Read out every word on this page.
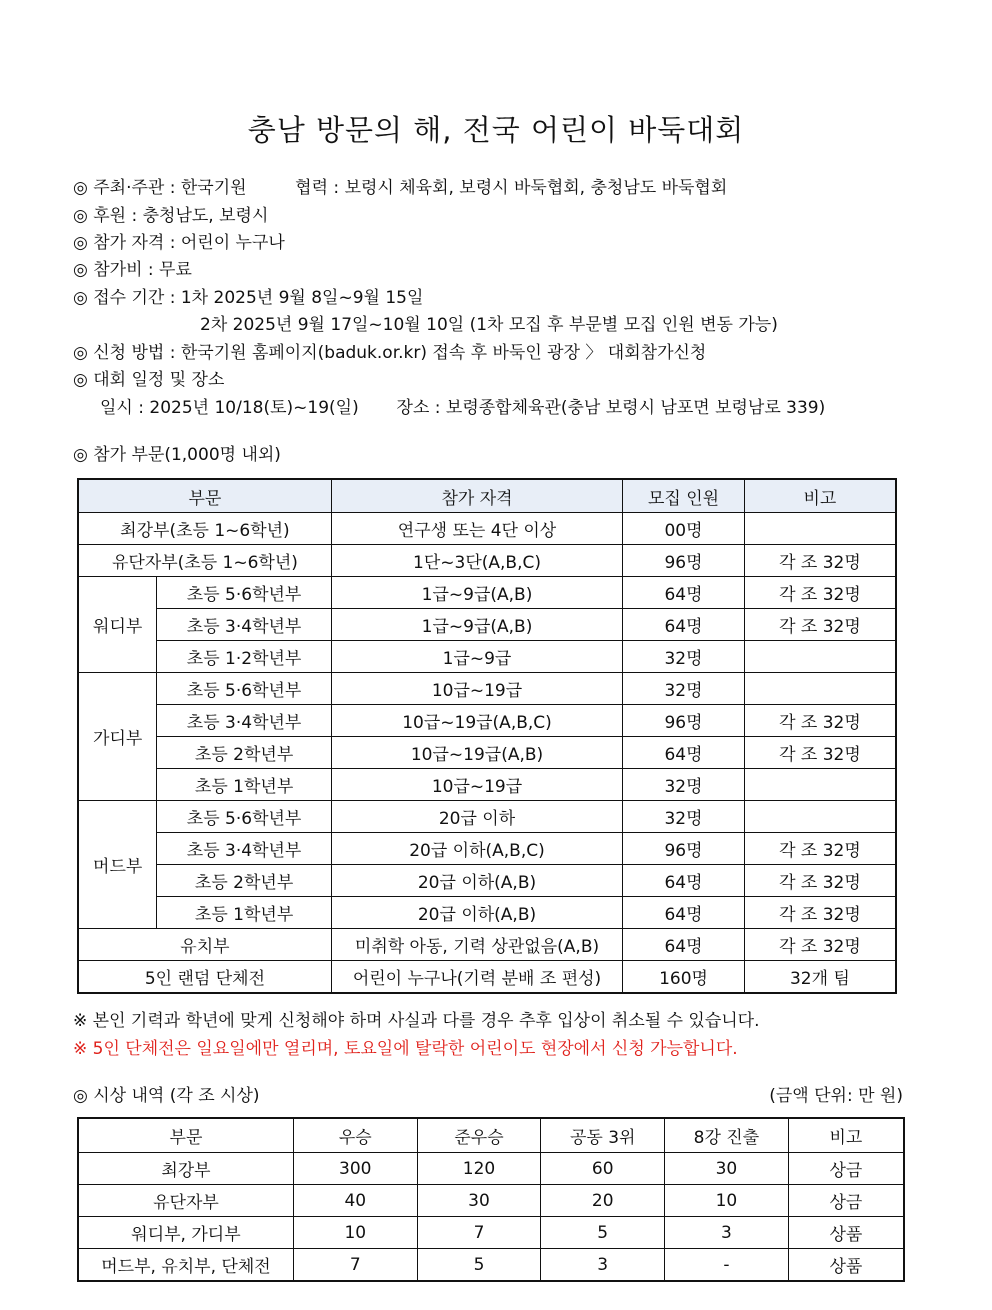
충남 방문의 해, 전국 어린이 바둑대회
◎ 주최·주관 : 한국기원         협력 : 보령시 체육회, 보령시 바둑협회, 충청남도 바둑협회
◎ 후원 : 충청남도, 보령시
◎ 참가 자격 : 어린이 누구나
◎ 참가비 : 무료
◎ 접수 기간 : 1차 2025년 9월 8일~9월 15일
2차 2025년 9월 17일~10월 10일 (1차 모집 후 부문별 모집 인원 변동 가능)
◎ 신청 방법 : 한국기원 홈페이지(baduk.or.kr) 접속 후 바둑인 광장 〉 대회참가신청
◎ 대회 일정 및 장소
일시 : 2025년 10/18(토)~19(일)       장소 : 보령종합체육관(충남 보령시 남포면 보령남로 339)
◎ 참가 부문(1,000명 내외)
부문		참가 자격	모집 인원	비고
최강부(초등 1~6학년)		연구생 또는 4단 이상	00명	
유단자부(초등 1~6학년)		1단~3단(A,B,C)	96명	각 조 32명
워디부	초등 5·6학년부	1급~9급(A,B)	64명	각 조 32명
	초등 3·4학년부	1급~9급(A,B)	64명	각 조 32명
	초등 1·2학년부	1급~9급	32명	
가디부	초등 5·6학년부	10급~19급	32명	
	초등 3·4학년부	10급~19급(A,B,C)	96명	각 조 32명
	초등 2학년부	10급~19급(A,B)	64명	각 조 32명
	초등 1학년부	10급~19급	32명	
머드부	초등 5·6학년부	20급 이하	32명	
	초등 3·4학년부	20급 이하(A,B,C)	96명	각 조 32명
	초등 2학년부	20급 이하(A,B)	64명	각 조 32명
	초등 1학년부	20급 이하(A,B)	64명	각 조 32명
유치부		미취학 아동, 기력 상관없음(A,B)	64명	각 조 32명
5인 랜덤 단체전		어린이 누구나(기력 분배 조 편성)	160명	32개 팀
※ 본인 기력과 학년에 맞게 신청해야 하며 사실과 다를 경우 추후 입상이 취소될 수 있습니다.
※ 5인 단체전은 일요일에만 열리며, 토요일에 탈락한 어린이도 현장에서 신청 가능합니다.
◎ 시상 내역 (각 조 시상)	(금액 단위: 만 원)
부문	우승	준우승	공동 3위	8강 진출	비고
최강부	300	120	60	30	상금
유단자부	40	30	20	10	상금
워디부, 가디부	10	7	5	3	상품
머드부, 유치부, 단체전	7	5	3	-	상품
